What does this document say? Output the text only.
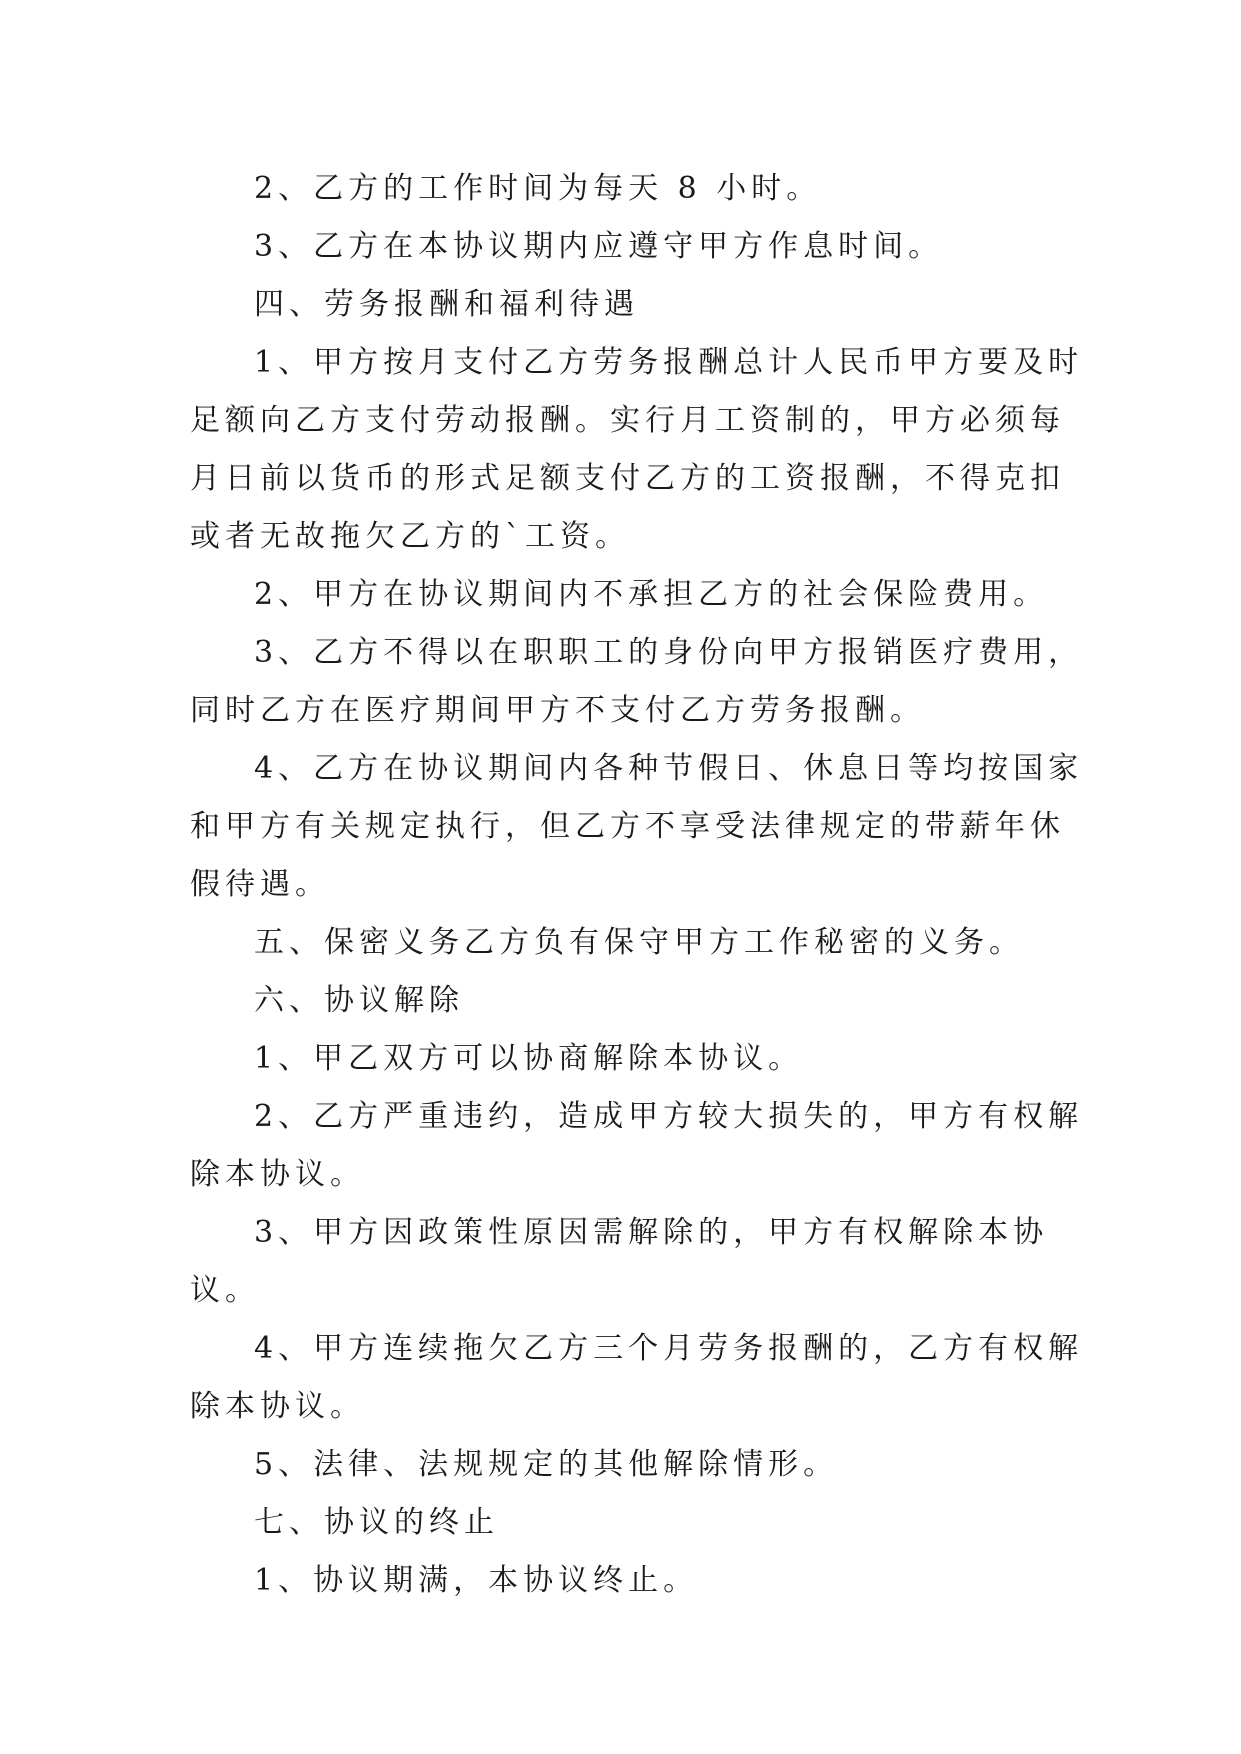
2、乙方的工作时间为每天 8 小时。

3、乙方在本协议期内应遵守甲方作息时间。

四、劳务报酬和福利待遇

1、甲方按月支付乙方劳务报酬总计人民币甲方要及时足额向乙方支付劳动报酬。实行月工资制的，甲方必须每月日前以货币的形式足额支付乙方的工资报酬，不得克扣或者无故拖欠乙方的`工资。

2、甲方在协议期间内不承担乙方的社会保险费用。

3、乙方不得以在职职工的身份向甲方报销医疗费用，同时乙方在医疗期间甲方不支付乙方劳务报酬。

4、乙方在协议期间内各种节假日、休息日等均按国家和甲方有关规定执行，但乙方不享受法律规定的带薪年休假待遇。

五、保密义务乙方负有保守甲方工作秘密的义务。

六、协议解除

1、甲乙双方可以协商解除本协议。

2、乙方严重违约，造成甲方较大损失的，甲方有权解除本协议。

3、甲方因政策性原因需解除的，甲方有权解除本协议。

4、甲方连续拖欠乙方三个月劳务报酬的，乙方有权解除本协议。

5、法律、法规规定的其他解除情形。

七、协议的终止

1、协议期满，本协议终止。
